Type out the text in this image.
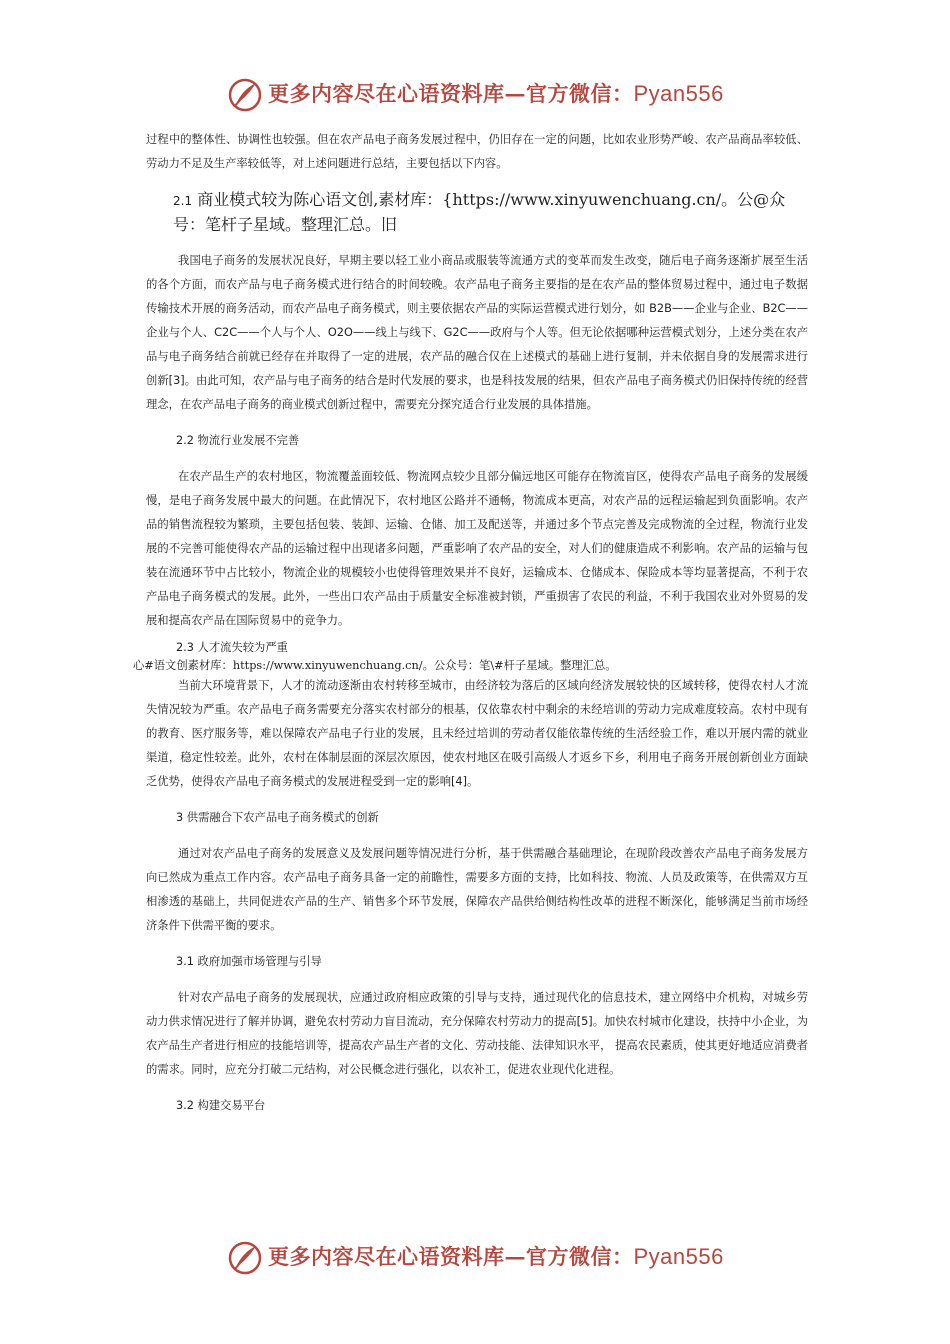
更多内容尽在心语资料库—官方微信：Pyan556

过程中的整体性、协调性也较强。但在农产品电子商务发展过程中，仍旧存在一定的问题，比如农业形势严峻、农产品商品率较低、劳动力不足及生产率较低等，对上述问题进行总结，主要包括以下内容。

2.1 商业模式较为陈心语文创,素材库：{https://www.xinyuwenchuang.cn/。公@众号：笔杆子星域。整理汇总。旧

我国电子商务的发展状况良好，早期主要以轻工业小商品或服装等流通方式的变革而发生改变，随后电子商务逐渐扩展至生活的各个方面，而农产品与电子商务模式进行结合的时间较晚。农产品电子商务主要指的是在农产品的整体贸易过程中，通过电子数据传输技术开展的商务活动，而农产品电子商务模式，则主要依据农产品的实际运营模式进行划分，如 B2B——企业与企业、B2C——企业与个人、C2C——个人与个人、O2O——线上与线下、G2C——政府与个人等。但无论依据哪种运营模式划分，上述分类在农产品与电子商务结合前就已经存在并取得了一定的进展，农产品的融合仅在上述模式的基础上进行复制，并未依据自身的发展需求进行创新[3]。由此可知，农产品与电子商务的结合是时代发展的要求，也是科技发展的结果，但农产品电子商务模式仍旧保持传统的经营理念，在农产品电子商务的商业模式创新过程中，需要充分探究适合行业发展的具体措施。

2.2 物流行业发展不完善

在农产品生产的农村地区，物流覆盖面较低、物流网点较少且部分偏远地区可能存在物流盲区，使得农产品电子商务的发展缓慢，是电子商务发展中最大的问题。在此情况下，农村地区公路并不通畅，物流成本更高，对农产品的远程运输起到负面影响。农产品的销售流程较为繁琐，主要包括包装、装卸、运输、仓储、加工及配送等，并通过多个节点完善及完成物流的全过程，物流行业发展的不完善可能使得农产品的运输过程中出现诸多问题，严重影响了农产品的安全，对人们的健康造成不利影响。农产品的运输与包装在流通环节中占比较小，物流企业的规模较小也使得管理效果并不良好，运输成本、仓储成本、保险成本等均显著提高，不利于农产品电子商务模式的发展。此外，一些出口农产品由于质量安全标准被封锁，严重损害了农民的利益，不利于我国农业对外贸易的发展和提高农产品在国际贸易中的竞争力。

2.3 人才流失较为严重

心#语文创素材库：https://www.xinyuwenchuang.cn/。公众号：笔\#杆子星域。整理汇总。

当前大环境背景下，人才的流动逐渐由农村转移至城市，由经济较为落后的区域向经济发展较快的区域转移，使得农村人才流失情况较为严重。农产品电子商务需要充分落实农村部分的根基，仅依靠农村中剩余的未经培训的劳动力完成难度较高。农村中现有的教育、医疗服务等，难以保障农产品电子行业的发展，且未经过培训的劳动者仅能依靠传统的生活经验工作，难以开展内需的就业渠道，稳定性较差。此外，农村在体制层面的深层次原因，使农村地区在吸引高级人才返乡下乡，利用电子商务开展创新创业方面缺乏优势，使得农产品电子商务模式的发展进程受到一定的影响[4]。

3 供需融合下农产品电子商务模式的创新

通过对农产品电子商务的发展意义及发展问题等情况进行分析，基于供需融合基础理论，在现阶段改善农产品电子商务发展方向已然成为重点工作内容。农产品电子商务具备一定的前瞻性，需要多方面的支持，比如科技、物流、人员及政策等，在供需双方互相渗透的基础上，共同促进农产品的生产、销售多个环节发展，保障农产品供给侧结构性改革的进程不断深化，能够满足当前市场经济条件下供需平衡的要求。

3.1 政府加强市场管理与引导

针对农产品电子商务的发展现状，应通过政府相应政策的引导与支持，通过现代化的信息技术，建立网络中介机构，对城乡劳动力供求情况进行了解并协调，避免农村劳动力盲目流动，充分保障农村劳动力的提高[5]。加快农村城市化建设，扶持中小企业，为农产品生产者进行相应的技能培训等，提高农产品生产者的文化、劳动技能、法律知识水平， 提高农民素质，使其更好地适应消费者的需求。同时，应充分打破二元结构，对公民概念进行强化，以农补工，促进农业现代化进程。

3.2 构建交易平台

更多内容尽在心语资料库—官方微信：Pyan556
